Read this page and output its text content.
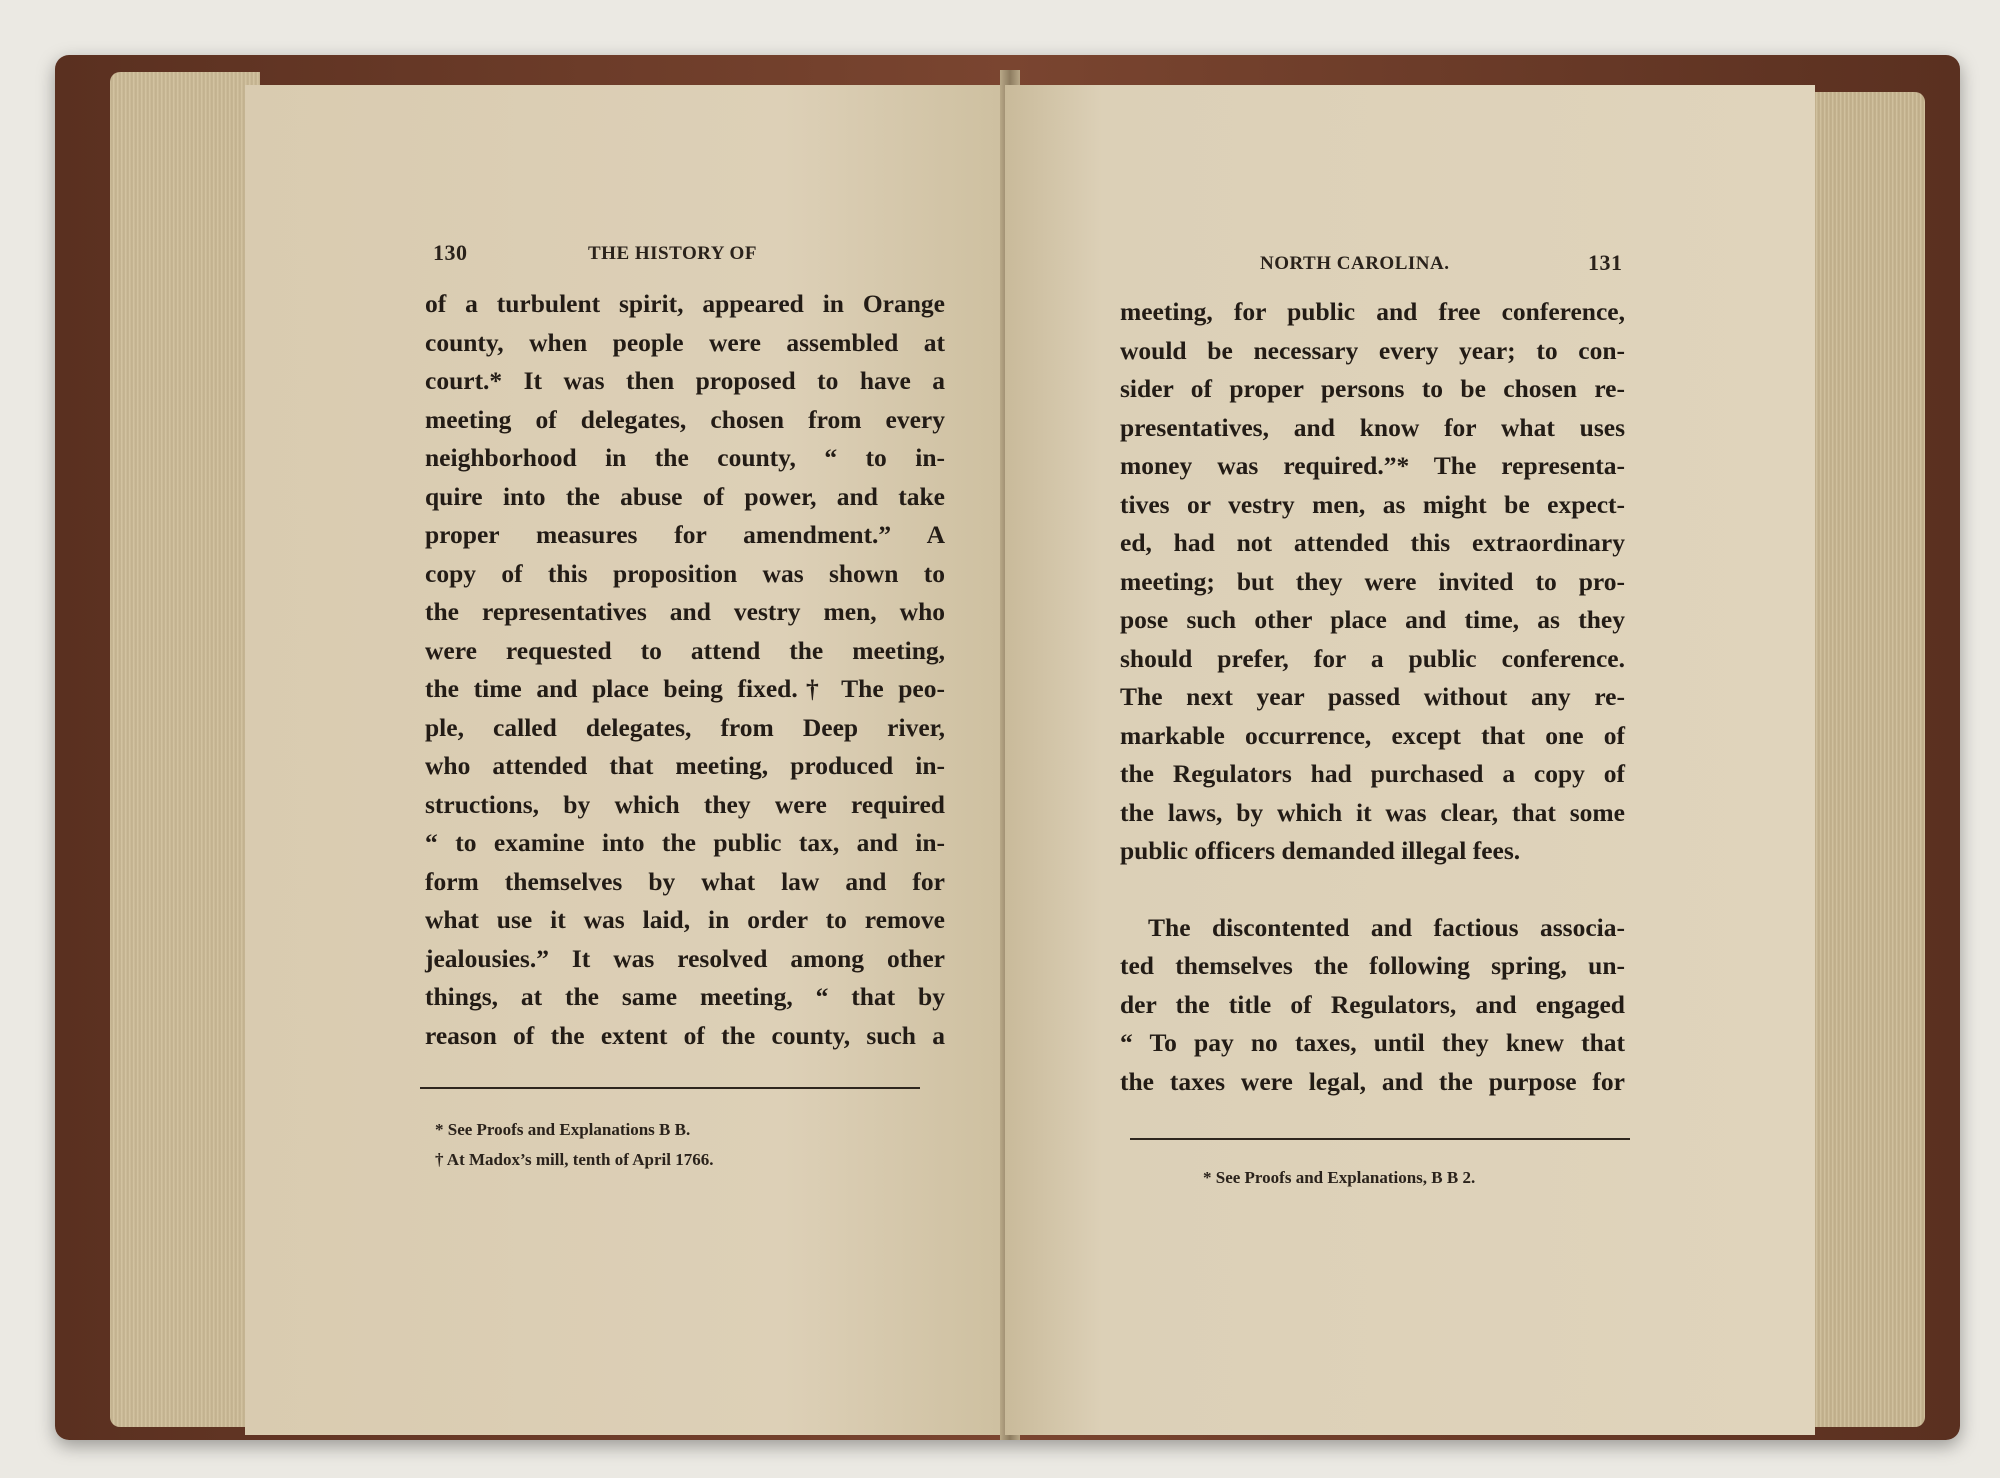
130	THE HISTORY OF
of a turbulent spirit, appeared in Orange
county, when people were assembled at
court.* It was then proposed to have a
meeting of delegates, chosen from every
neighborhood in the county, “ to in-
quire into the abuse of power, and take
proper measures for amendment.” A
copy of this proposition was shown to
the representatives and vestry men, who
were requested to attend the meeting,
the time and place being fixed.† The peo-
ple, called delegates, from Deep river,
who attended that meeting, produced in-
structions, by which they were required
“ to examine into the public tax, and in-
form themselves by what law and for
what use it was laid, in order to remove
jealousies.” It was resolved among other
things, at the same meeting, “ that by
reason of the extent of the county, such a
* See Proofs and Explanations B B.
† At Madox’s mill, tenth of April 1766.
NORTH CAROLINA.	131
meeting, for public and free conference,
would be necessary every year; to con-
sider of proper persons to be chosen re-
presentatives, and know for what uses
money was required.”* The representa-
tives or vestry men, as might be expect-
ed, had not attended this extraordinary
meeting; but they were invited to pro-
pose such other place and time, as they
should prefer, for a public conference.
The next year passed without any re-
markable occurrence, except that one of
the Regulators had purchased a copy of
the laws, by which it was clear, that some
public officers demanded illegal fees.
The discontented and factious associa-
ted themselves the following spring, un-
der the title of Regulators, and engaged
“ To pay no taxes, until they knew that
the taxes were legal, and the purpose for
* See Proofs and Explanations, B B 2.
